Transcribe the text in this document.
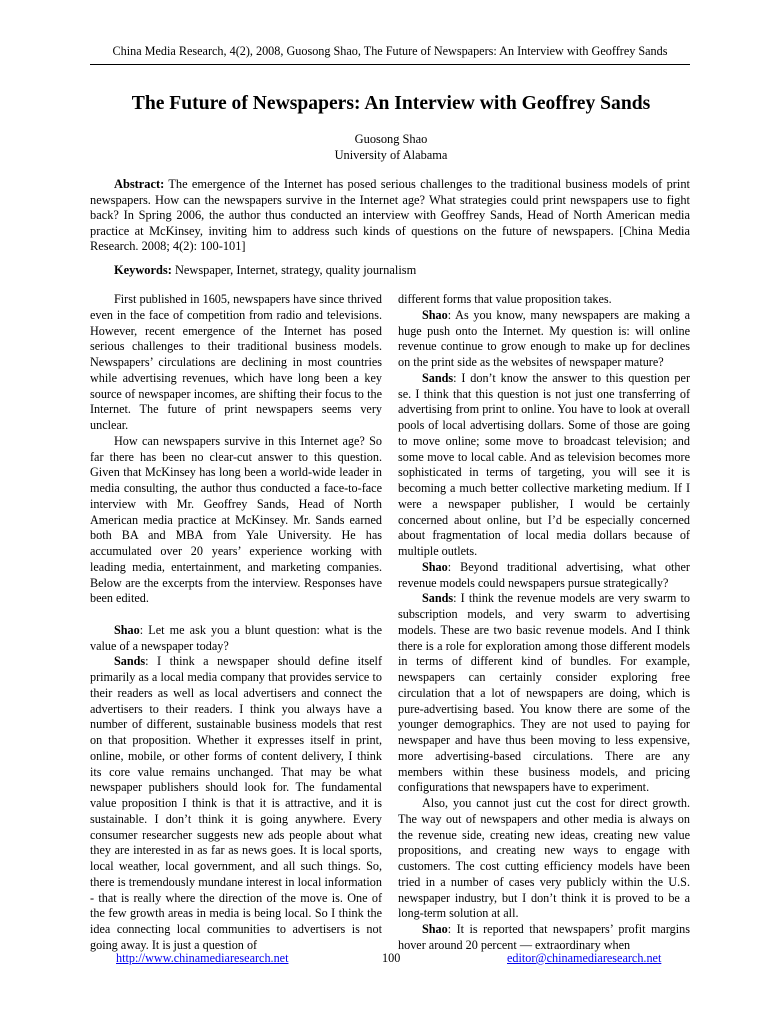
China Media Research, 4(2), 2008, Guosong Shao, The Future of Newspapers: An Interview with Geoffrey Sands
The Future of Newspapers: An Interview with Geoffrey Sands
Guosong Shao
University of Alabama
Abstract: The emergence of the Internet has posed serious challenges to the traditional business models of print newspapers. How can the newspapers survive in the Internet age? What strategies could print newspapers use to fight back? In Spring 2006, the author thus conducted an interview with Geoffrey Sands, Head of North American media practice at McKinsey, inviting him to address such kinds of questions on the future of newspapers. [China Media Research. 2008; 4(2): 100-101]
Keywords: Newspaper, Internet, strategy, quality journalism

First published in 1605, newspapers have since thrived even in the face of competition from radio and televisions. However, recent emergence of the Internet has posed serious challenges to their traditional business models. Newspapers’ circulations are declining in most countries while advertising revenues, which have long been a key source of newspaper incomes, are shifting their focus to the Internet. The future of print newspapers seems very unclear.

How can newspapers survive in this Internet age? So far there has been no clear-cut answer to this question. Given that McKinsey has long been a world-wide leader in media consulting, the author thus conducted a face-to-face interview with Mr. Geoffrey Sands, Head of North American media practice at McKinsey. Mr. Sands earned both BA and MBA from Yale University. He has accumulated over 20 years’ experience working with leading media, entertainment, and marketing companies. Below are the excerpts from the interview. Responses have been edited.

Shao: Let me ask you a blunt question: what is the value of a newspaper today?

Sands: I think a newspaper should define itself primarily as a local media company that provides service to their readers as well as local advertisers and connect the advertisers to their readers. I think you always have a number of different, sustainable business models that rest on that proposition. Whether it expresses itself in print, online, mobile, or other forms of content delivery, I think its core value remains unchanged. That may be what newspaper publishers should look for. The fundamental value proposition I think is that it is attractive, and it is sustainable. I don’t think it is going anywhere. Every consumer researcher suggests new ads people about what they are interested in as far as news goes. It is local sports, local weather, local government, and all such things. So, there is tremendously mundane interest in local information - that is really where the direction of the move is. One of the few growth areas in media is being local. So I think the idea connecting local communities to advertisers is not going away. It is just a question of

different forms that value proposition takes.

Shao: As you know, many newspapers are making a huge push onto the Internet. My question is: will online revenue continue to grow enough to make up for declines on the print side as the websites of newspaper mature?

Sands: I don’t know the answer to this question per se. I think that this question is not just one transferring of advertising from print to online. You have to look at overall pools of local advertising dollars. Some of those are going to move online; some move to broadcast television; and some move to local cable. And as television becomes more sophisticated in terms of targeting, you will see it is becoming a much better collective marketing medium. If I were a newspaper publisher, I would be certainly concerned about online, but I’d be especially concerned about fragmentation of local media dollars because of multiple outlets.

Shao: Beyond traditional advertising, what other revenue models could newspapers pursue strategically?

Sands: I think the revenue models are very swarm to subscription models, and very swarm to advertising models. These are two basic revenue models. And I think there is a role for exploration among those different models in terms of different kind of bundles. For example, newspapers can certainly consider exploring free circulation that a lot of newspapers are doing, which is pure-advertising based. You know there are some of the younger demographics. They are not used to paying for newspaper and have thus been moving to less expensive, more advertising-based circulations. There are any members within these business models, and pricing configurations that newspapers have to experiment.

Also, you cannot just cut the cost for direct growth. The way out of newspapers and other media is always on the revenue side, creating new ideas, creating new value propositions, and creating new ways to engage with customers. The cost cutting efficiency models have been tried in a number of cases very publicly within the U.S. newspaper industry, but I don’t think it is proved to be a long-term solution at all.

Shao: It is reported that newspapers’ profit margins hover around 20 percent — extraordinary when

http://www.chinamediaresearch.net	100	editor@chinamediaresearch.net
